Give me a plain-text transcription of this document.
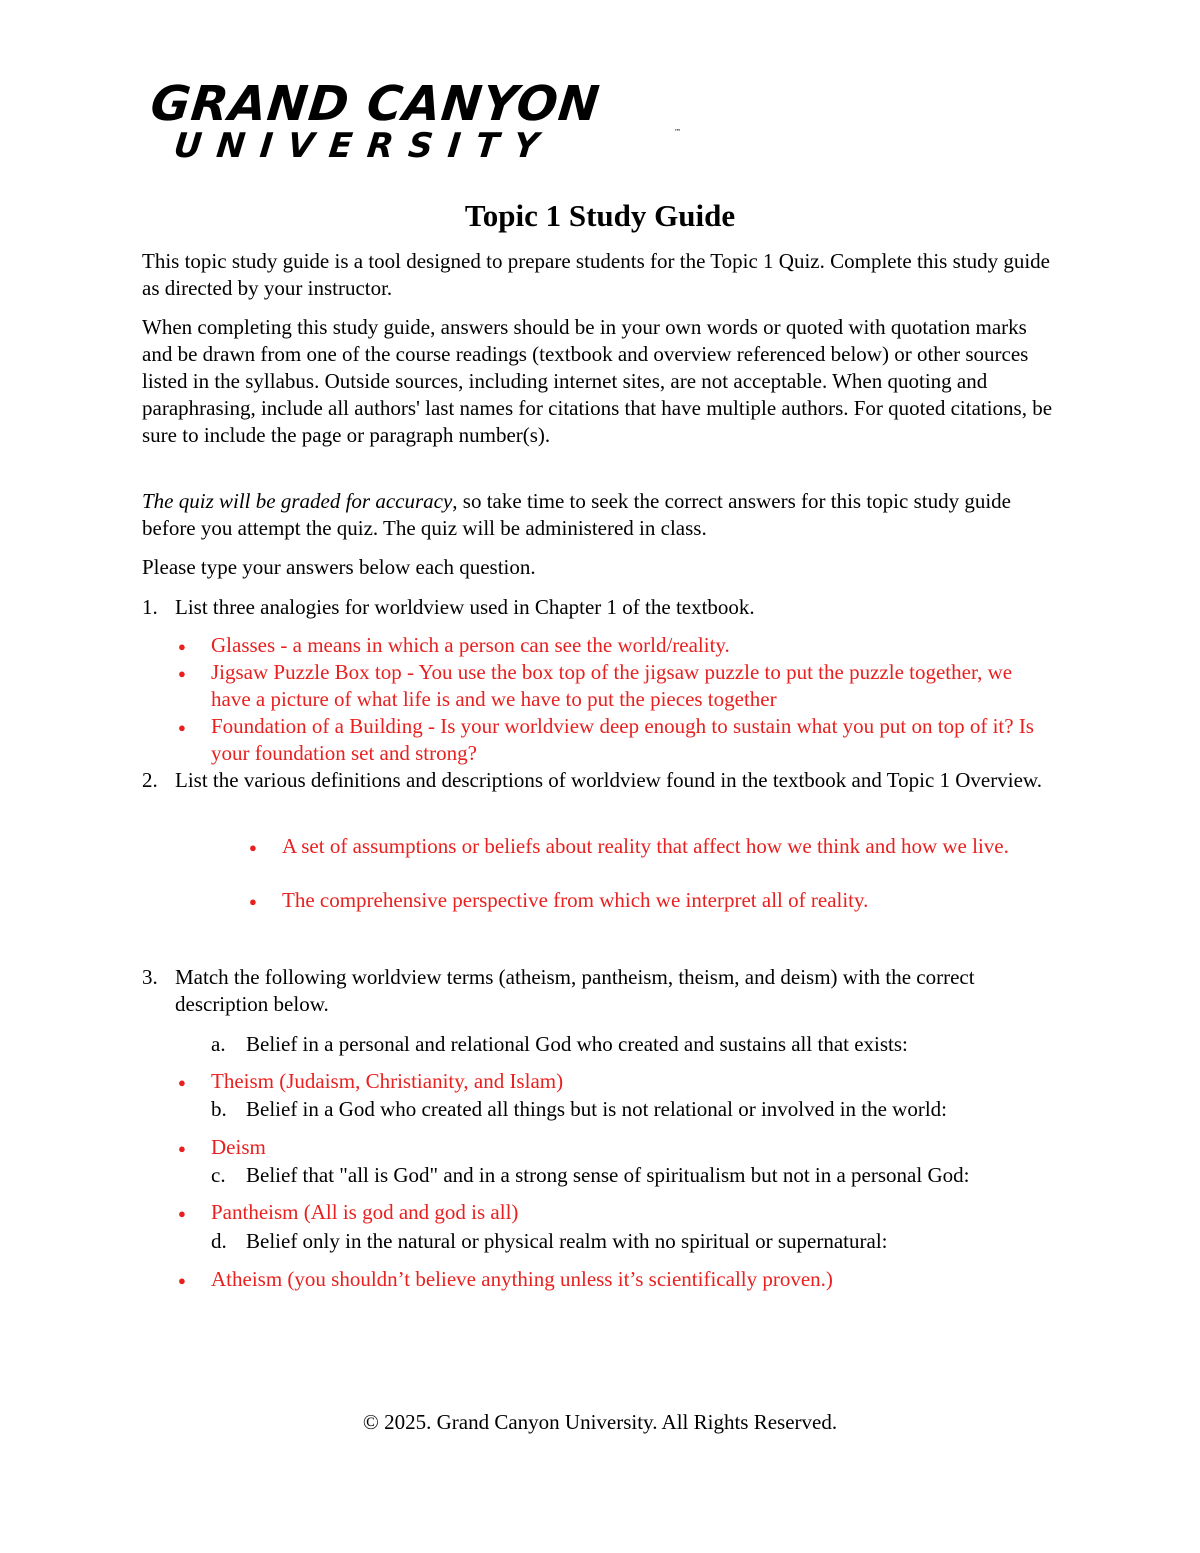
GRAND CANYON
UNIVERSITY	™
Topic 1 Study Guide

This topic study guide is a tool designed to prepare students for the Topic 1 Quiz. Complete this study guide as directed by your instructor.

When completing this study guide, answers should be in your own words or quoted with quotation marks and be drawn from one of the course readings (textbook and overview referenced below) or other sources listed in the syllabus. Outside sources, including internet sites, are not acceptable. When quoting and paraphrasing, include all authors' last names for citations that have multiple authors. For quoted citations, be sure to include the page or paragraph number(s).

The quiz will be graded for accuracy, so take time to seek the correct answers for this topic study guide before you attempt the quiz. The quiz will be administered in class.

Please type your answers below each question.

1. List three analogies for worldview used in Chapter 1 of the textbook.
● Glasses - a means in which a person can see the world/reality.
● Jigsaw Puzzle Box top - You use the box top of the jigsaw puzzle to put the puzzle together, we have a picture of what life is and we have to put the pieces together
● Foundation of a Building - Is your worldview deep enough to sustain what you put on top of it? Is your foundation set and strong?
2. List the various definitions and descriptions of worldview found in the textbook and Topic 1 Overview.
● A set of assumptions or beliefs about reality that affect how we think and how we live.
● The comprehensive perspective from which we interpret all of reality.
3. Match the following worldview terms (atheism, pantheism, theism, and deism) with the correct description below.
a. Belief in a personal and relational God who created and sustains all that exists:
● Theism (Judaism, Christianity, and Islam)
b. Belief in a God who created all things but is not relational or involved in the world:
● Deism
c. Belief that "all is God" and in a strong sense of spiritualism but not in a personal God:
● Pantheism (All is god and god is all)
d. Belief only in the natural or physical realm with no spiritual or supernatural:
● Atheism (you shouldn’t believe anything unless it’s scientifically proven.)
© 2025. Grand Canyon University. All Rights Reserved.
